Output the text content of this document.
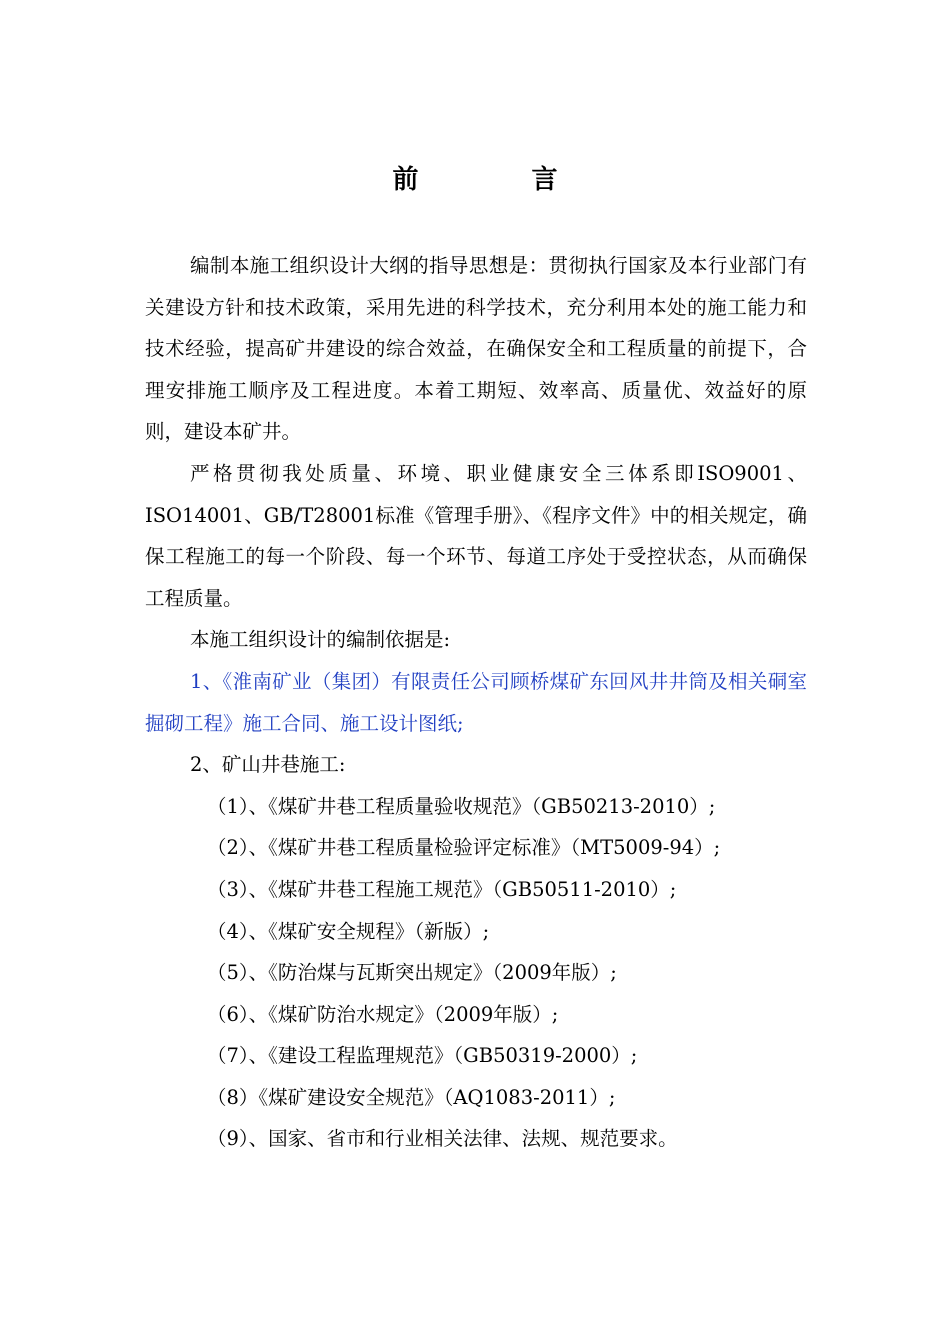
前 言

编制本施工组织设计大纲的指导思想是：贯彻执行国家及本行业部门有关建设方针和技术政策，采用先进的科学技术，充分利用本处的施工能力和技术经验，提高矿井建设的综合效益，在确保安全和工程质量的前提下，合理安排施工顺序及工程进度。本着工期短、效率高、质量优、效益好的原则，建设本矿井。

严格贯彻我处质量、环境、职业健康安全三体系即ISO9001、ISO14001、GB/T28001标准《管理手册》、《程序文件》中的相关规定，确保工程施工的每一个阶段、每一个环节、每道工序处于受控状态，从而确保工程质量。

本施工组织设计的编制依据是:

1、《淮南矿业（集团）有限责任公司顾桥煤矿东回风井井筒及相关硐室掘砌工程》施工合同、施工设计图纸;

2、矿山井巷施工:

（1）、《煤矿井巷工程质量验收规范》（GB50213-2010）;

（2）、《煤矿井巷工程质量检验评定标准》（MT5009-94）;

（3）、《煤矿井巷工程施工规范》（GB50511-2010）;

（4）、《煤矿安全规程》（新版）;

（5）、《防治煤与瓦斯突出规定》（2009年版）;

（6）、《煤矿防治水规定》（2009年版）;

（7）、《建设工程监理规范》（GB50319-2000）;

（8）《煤矿建设安全规范》（AQ1083-2011）;

（9）、国家、省市和行业相关法律、法规、规范要求。
